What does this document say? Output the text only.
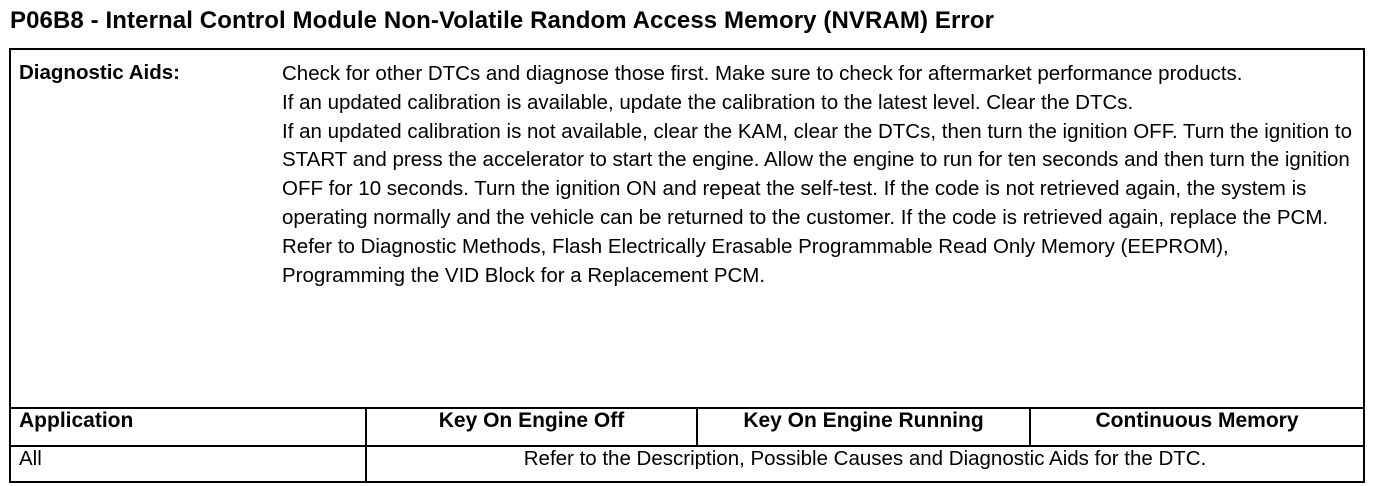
P06B8 - Internal Control Module Non-Volatile Random Access Memory (NVRAM) Error
Diagnostic Aids:	Check for other DTCs and diagnose those first. Make sure to check for aftermarket performance products.

If an updated calibration is available, update the calibration to the latest level. Clear the DTCs.

If an updated calibration is not available, clear the KAM, clear the DTCs, then turn the ignition OFF. Turn the ignition to START and press the accelerator to start the engine. Allow the engine to run for ten seconds and then turn the ignition OFF for 10 seconds. Turn the ignition ON and repeat the self-test. If the code is not retrieved again, the system is operating normally and the vehicle can be returned to the customer. If the code is retrieved again, replace the PCM.

Refer to Diagnostic Methods, Flash Electrically Erasable Programmable Read Only Memory (EEPROM), Programming the VID Block for a Replacement PCM.			

Application		Key On Engine Off	Key On Engine Running	Continuous Memory
All		Refer to the Description, Possible Causes and Diagnostic Aids for the DTC.		
